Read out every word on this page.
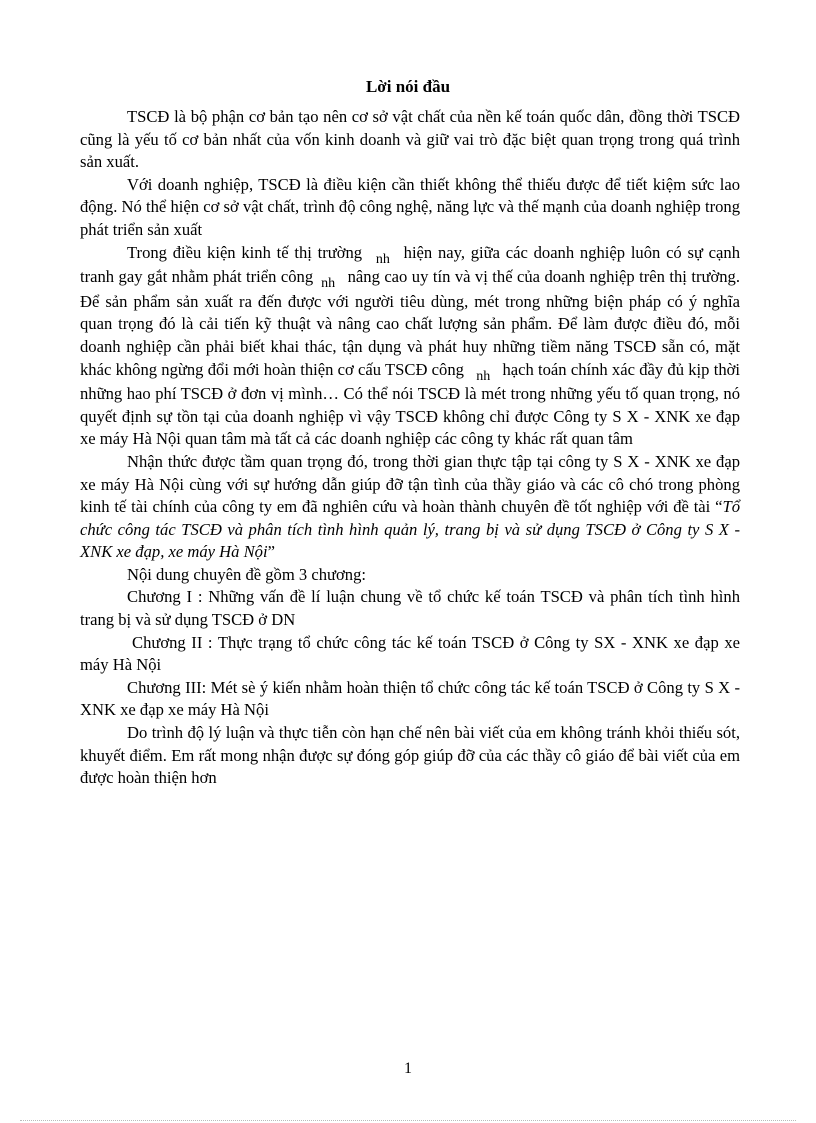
Lời nói đầu

TSCĐ là bộ phận cơ bản tạo nên cơ sở vật chất của nền kế toán quốc dân, đồng thời TSCĐ cũng là yếu tố cơ bản nhất của vốn kinh doanh và giữ vai trò đặc biệt quan trọng trong quá trình sản xuất.

Với doanh nghiệp, TSCĐ là điều kiện cần thiết không thể thiếu được để tiết kiệm sức lao động. Nó thể hiện cơ sở vật chất, trình độ công nghệ, năng lực và thế mạnh của doanh nghiệp trong phát triển sản xuất

Trong điều kiện kinh tế thị trường $_{nh}$ hiện nay, giữa các doanh nghiệp luôn có sự cạnh tranh gay gắt nhằm phát triển công $_{nh}$ nâng cao uy tín và vị thế của doanh nghiệp trên thị trường. Để sản phẩm sản xuất ra đến được với người tiêu dùng, mét trong những biện pháp có ý nghĩa quan trọng đó là cải tiến kỹ thuật và nâng cao chất lượng sản phẩm. Để làm được điều đó, mỗi doanh nghiệp cần phải biết khai thác, tận dụng và phát huy những tiềm năng TSCĐ sẵn có, mặt khác không ngừng đổi mới hoàn thiện cơ cấu TSCĐ công $_{nh}$ hạch toán chính xác đầy đủ kịp thời những hao phí TSCĐ ở đơn vị mình… Có thể nói TSCĐ là mét trong những yếu tố quan trọng, nó quyết định sự tồn tại của doanh nghiệp vì vậy TSCĐ không chỉ được Công ty S X - XNK xe đạp xe máy Hà Nội quan tâm mà tất cả các doanh nghiệp các công ty khác rất quan tâm

Nhận thức được tầm quan trọng đó, trong thời gian thực tập tại công ty S X - XNK xe đạp xe máy Hà Nội cùng với sự hướng dẫn giúp đỡ tận tình của thầy giáo và các cô chó trong phòng kinh tế tài chính của công ty em đã nghiên cứu và hoàn thành chuyên đề tốt nghiệp với đề tài “Tổ chức công tác TSCĐ và phân tích tình hình quản lý, trang bị và sử dụng TSCĐ ở Công ty S X - XNK xe đạp, xe máy Hà Nội”

Nội dung chuyên đề gồm 3 chương:

Chương I : Những vấn đề lí luận chung về tổ chức kế toán TSCĐ và phân tích tình hình trang bị và sử dụng TSCĐ ở DN

Chương II : Thực trạng tổ chức công tác kế toán TSCĐ ở Công ty SX - XNK xe đạp xe máy Hà Nội

Chương III: Mét sè ý kiến nhằm hoàn thiện tổ chức công tác kế toán TSCĐ ở Công ty S X - XNK xe đạp xe máy Hà Nội

Do trình độ lý luận và thực tiễn còn hạn chế nên bài viết của em không tránh khỏi thiếu sót, khuyết điểm. Em rất mong nhận được sự đóng góp giúp đỡ của các thầy cô giáo để bài viết của em được hoàn thiện hơn

1
